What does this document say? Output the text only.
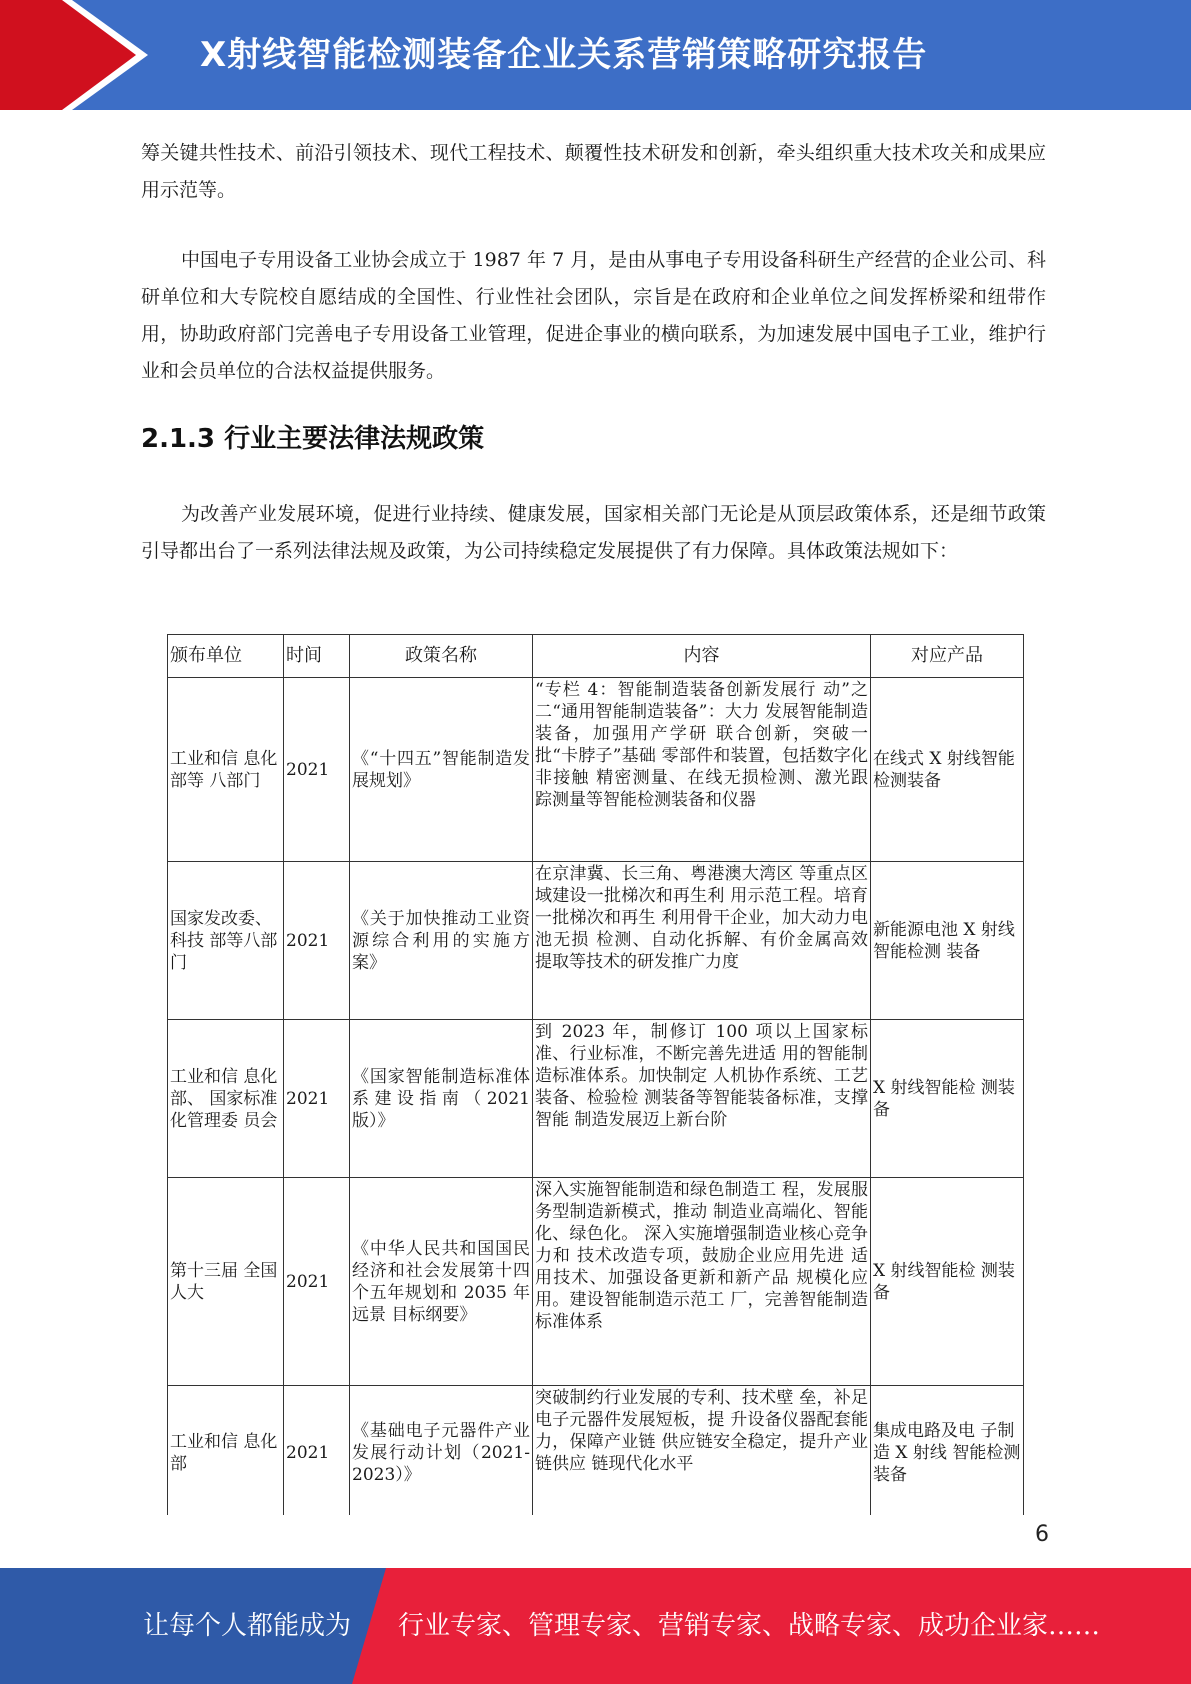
X射线智能检测装备企业关系营销策略研究报告

筹关键共性技术、前沿引领技术、现代工程技术、颠覆性技术研发和创新，牵头组织重大技术攻关和成果应用示范等。

中国电子专用设备工业协会成立于 1987 年 7 月，是由从事电子专用设备科研生产经营的企业公司、科研单位和大专院校自愿结成的全国性、行业性社会团队，宗旨是在政府和企业单位之间发挥桥梁和纽带作用，协助政府部门完善电子专用设备工业管理，促进企事业的横向联系，为加速发展中国电子工业，维护行业和会员单位的合法权益提供服务。

2.1.3 行业主要法律法规政策

为改善产业发展环境，促进行业持续、健康发展，国家相关部门无论是从顶层政策体系，还是细节政策引导都出台了一系列法律法规及政策，为公司持续稳定发展提供了有力保障。具体政策法规如下：

颁布单位	时间	政策名称	内容	对应产品
工业和信 息化部等 八部门	2021	《“十四五”智能制造发展规划》	“专栏 4：智能制造装备创新发展行 动”之二“通用智能制造装备”：大力 发展智能制造装备，加强用产学研 联合创新，突破一批“卡脖子”基础 零部件和装置，包括数字化非接触 精密测量、在线无损检测、激光跟 踪测量等智能检测装备和仪器	在线式 X 射线智能检测装备
国家发改委、科技 部等八部 门	2021	《关于加快推动工业资源综合利用的实施方案》	在京津冀、长三角、粤港澳大湾区 等重点区域建设一批梯次和再生利 用示范工程。培育一批梯次和再生 利用骨干企业，加大动力电池无损 检测、自动化拆解、有价金属高效 提取等技术的研发推广力度	新能源电池 X 射线智能检测 装备
工业和信 息化部、 国家标准 化管理委 员会	2021	《国家智能制造标准体系建设指南（2021 版）》	到 2023 年，制修订 100 项以上国家标准、行业标准，不断完善先进适 用的智能制造标准体系。加快制定 人机协作系统、工艺装备、检验检 测装备等智能装备标准，支撑智能 制造发展迈上新台阶	X 射线智能检 测装备
第十三届 全国人大	2021	《中华人民共和国国民经济和社会发展第十四个五年规划和 2035 年远景 目标纲要》	深入实施智能制造和绿色制造工 程，发展服务型制造新模式，推动 制造业高端化、智能化、绿色化。 深入实施增强制造业核心竞争力和 技术改造专项，鼓励企业应用先进 适用技术、加强设备更新和新产品 规模化应用。建设智能制造示范工 厂，完善智能制造标准体系	X 射线智能检 测装备
工业和信 息化部	2021	《基础电子元器件产业发展行动计划（2021-2023）》	突破制约行业发展的专利、技术壁 垒，补足电子元器件发展短板，提 升设备仪器配套能力，保障产业链 供应链安全稳定，提升产业链供应 链现代化水平	集成电路及电 子制造 X 射线 智能检测装备
6
让每个人都能成为 行业专家、管理专家、营销专家、战略专家、成功企业家……
